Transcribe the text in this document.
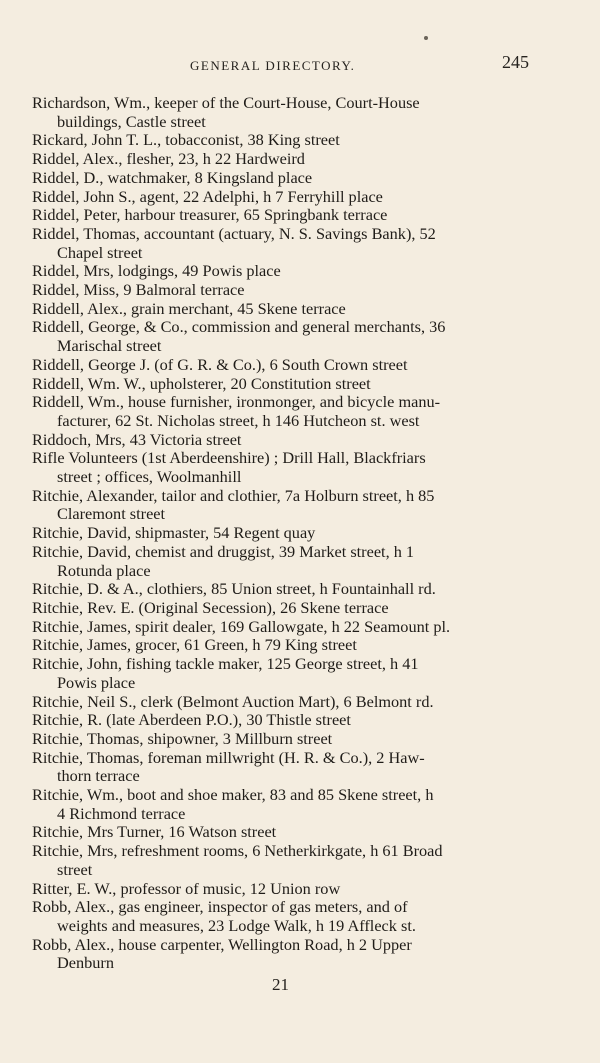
GENERAL DIRECTORY.	245
Richardson, Wm., keeper of the Court-House, Court-House
buildings, Castle street
Rickard, John T. L., tobacconist, 38 King street
Riddel, Alex., flesher, 23, h 22 Hardweird
Riddel, D., watchmaker, 8 Kingsland place
Riddel, John S., agent, 22 Adelphi, h 7 Ferryhill place
Riddel, Peter, harbour treasurer, 65 Springbank terrace
Riddel, Thomas, accountant (actuary, N. S. Savings Bank), 52
Chapel street
Riddel, Mrs, lodgings, 49 Powis place
Riddel, Miss, 9 Balmoral terrace
Riddell, Alex., grain merchant, 45 Skene terrace
Riddell, George, & Co., commission and general merchants, 36
Marischal street
Riddell, George J. (of G. R. & Co.), 6 South Crown street
Riddell, Wm. W., upholsterer, 20 Constitution street
Riddell, Wm., house furnisher, ironmonger, and bicycle manu-
facturer, 62 St. Nicholas street, h 146 Hutcheon st. west
Riddoch, Mrs, 43 Victoria street
Rifle Volunteers (1st Aberdeenshire) ; Drill Hall, Blackfriars
street ; offices, Woolmanhill
Ritchie, Alexander, tailor and clothier, 7a Holburn street, h 85
Claremont street
Ritchie, David, shipmaster, 54 Regent quay
Ritchie, David, chemist and druggist, 39 Market street, h 1
Rotunda place
Ritchie, D. & A., clothiers, 85 Union street, h Fountainhall rd.
Ritchie, Rev. E. (Original Secession), 26 Skene terrace
Ritchie, James, spirit dealer, 169 Gallowgate, h 22 Seamount pl.
Ritchie, James, grocer, 61 Green, h 79 King street
Ritchie, John, fishing tackle maker, 125 George street, h 41
Powis place
Ritchie, Neil S., clerk (Belmont Auction Mart), 6 Belmont rd.
Ritchie, R. (late Aberdeen P.O.), 30 Thistle street
Ritchie, Thomas, shipowner, 3 Millburn street
Ritchie, Thomas, foreman millwright (H. R. & Co.), 2 Haw-
thorn terrace
Ritchie, Wm., boot and shoe maker, 83 and 85 Skene street, h
4 Richmond terrace
Ritchie, Mrs Turner, 16 Watson street
Ritchie, Mrs, refreshment rooms, 6 Netherkirkgate, h 61 Broad
street
Ritter, E. W., professor of music, 12 Union row
Robb, Alex., gas engineer, inspector of gas meters, and of
weights and measures, 23 Lodge Walk, h 19 Affleck st.
Robb, Alex., house carpenter, Wellington Road, h 2 Upper
Denburn
21
